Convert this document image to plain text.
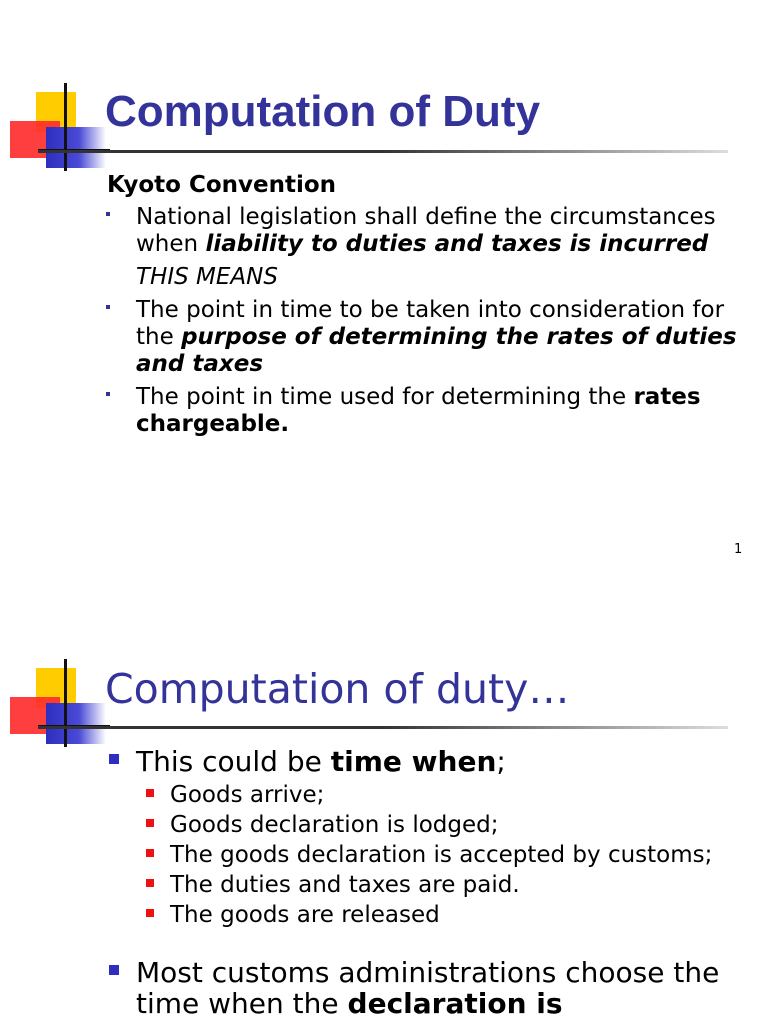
Computation of Duty
Kyoto Convention
National legislation shall define the circumstances when liability to duties and taxes is incurred
THIS MEANS
The point in time to be taken into consideration for the purpose of determining the rates of duties and taxes
The point in time used for determining the rates chargeable.
1
Computation of duty…
This could be time when;
Goods arrive;
Goods declaration is lodged;
The goods declaration is accepted by customs;
The duties and taxes are paid.
The goods are released
Most customs administrations choose the time when the declaration is
